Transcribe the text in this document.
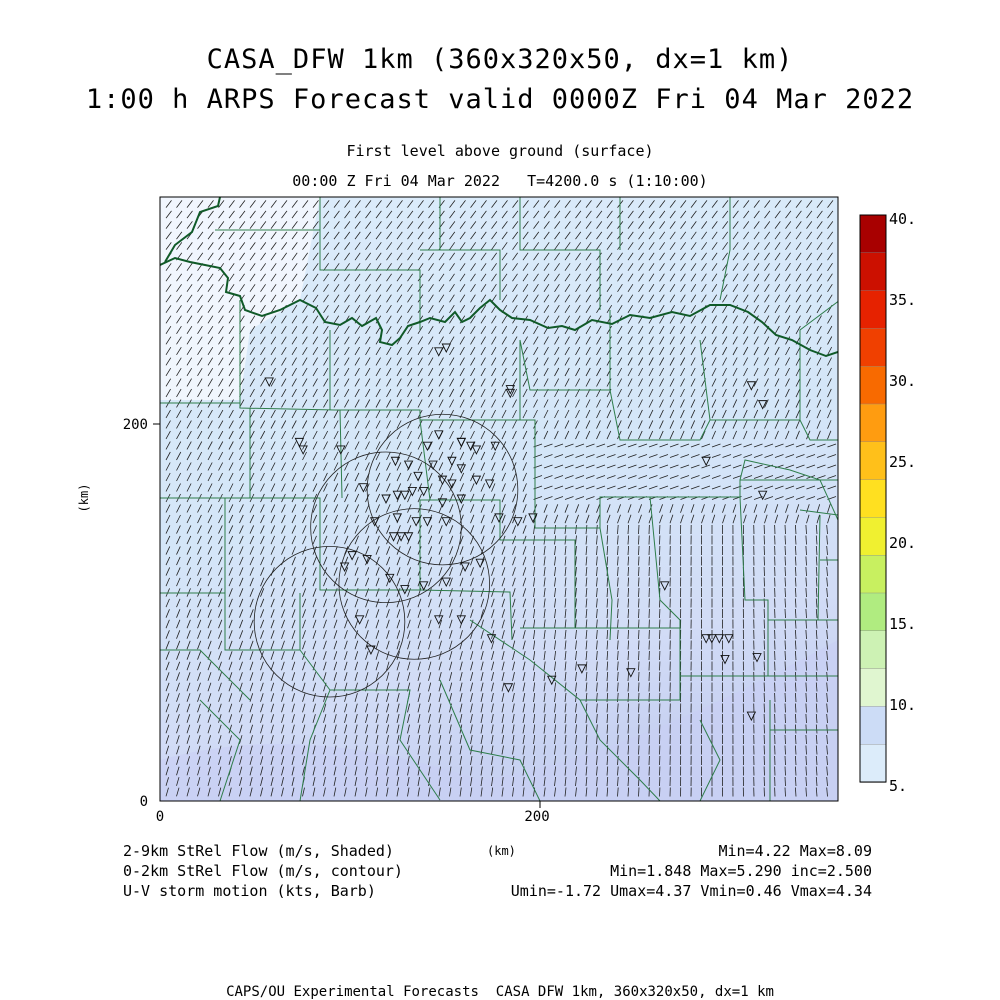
CASA_DFW 1km (360x320x50, dx=1 km)
1:00 h ARPS Forecast valid 0000Z Fri 04 Mar 2022
First level above ground (surface)
00:00 Z Fri 04 Mar 2022   T=4200.0 s (1:10:00)
0	200
0
200
(km)
40.
35.
30.
25.
20.
15.
10.
5.
2-9km StRel Flow (m/s, Shaded)	(km)	Min=4.22 Max=8.09
0-2km StRel Flow (m/s, contour)	Min=1.848 Max=5.290 inc=2.500
U-V storm motion (kts, Barb)	Umin=-1.72 Umax=4.37 Vmin=0.46 Vmax=4.34
CAPS/OU Experimental Forecasts  CASA DFW 1km, 360x320x50, dx=1 km
